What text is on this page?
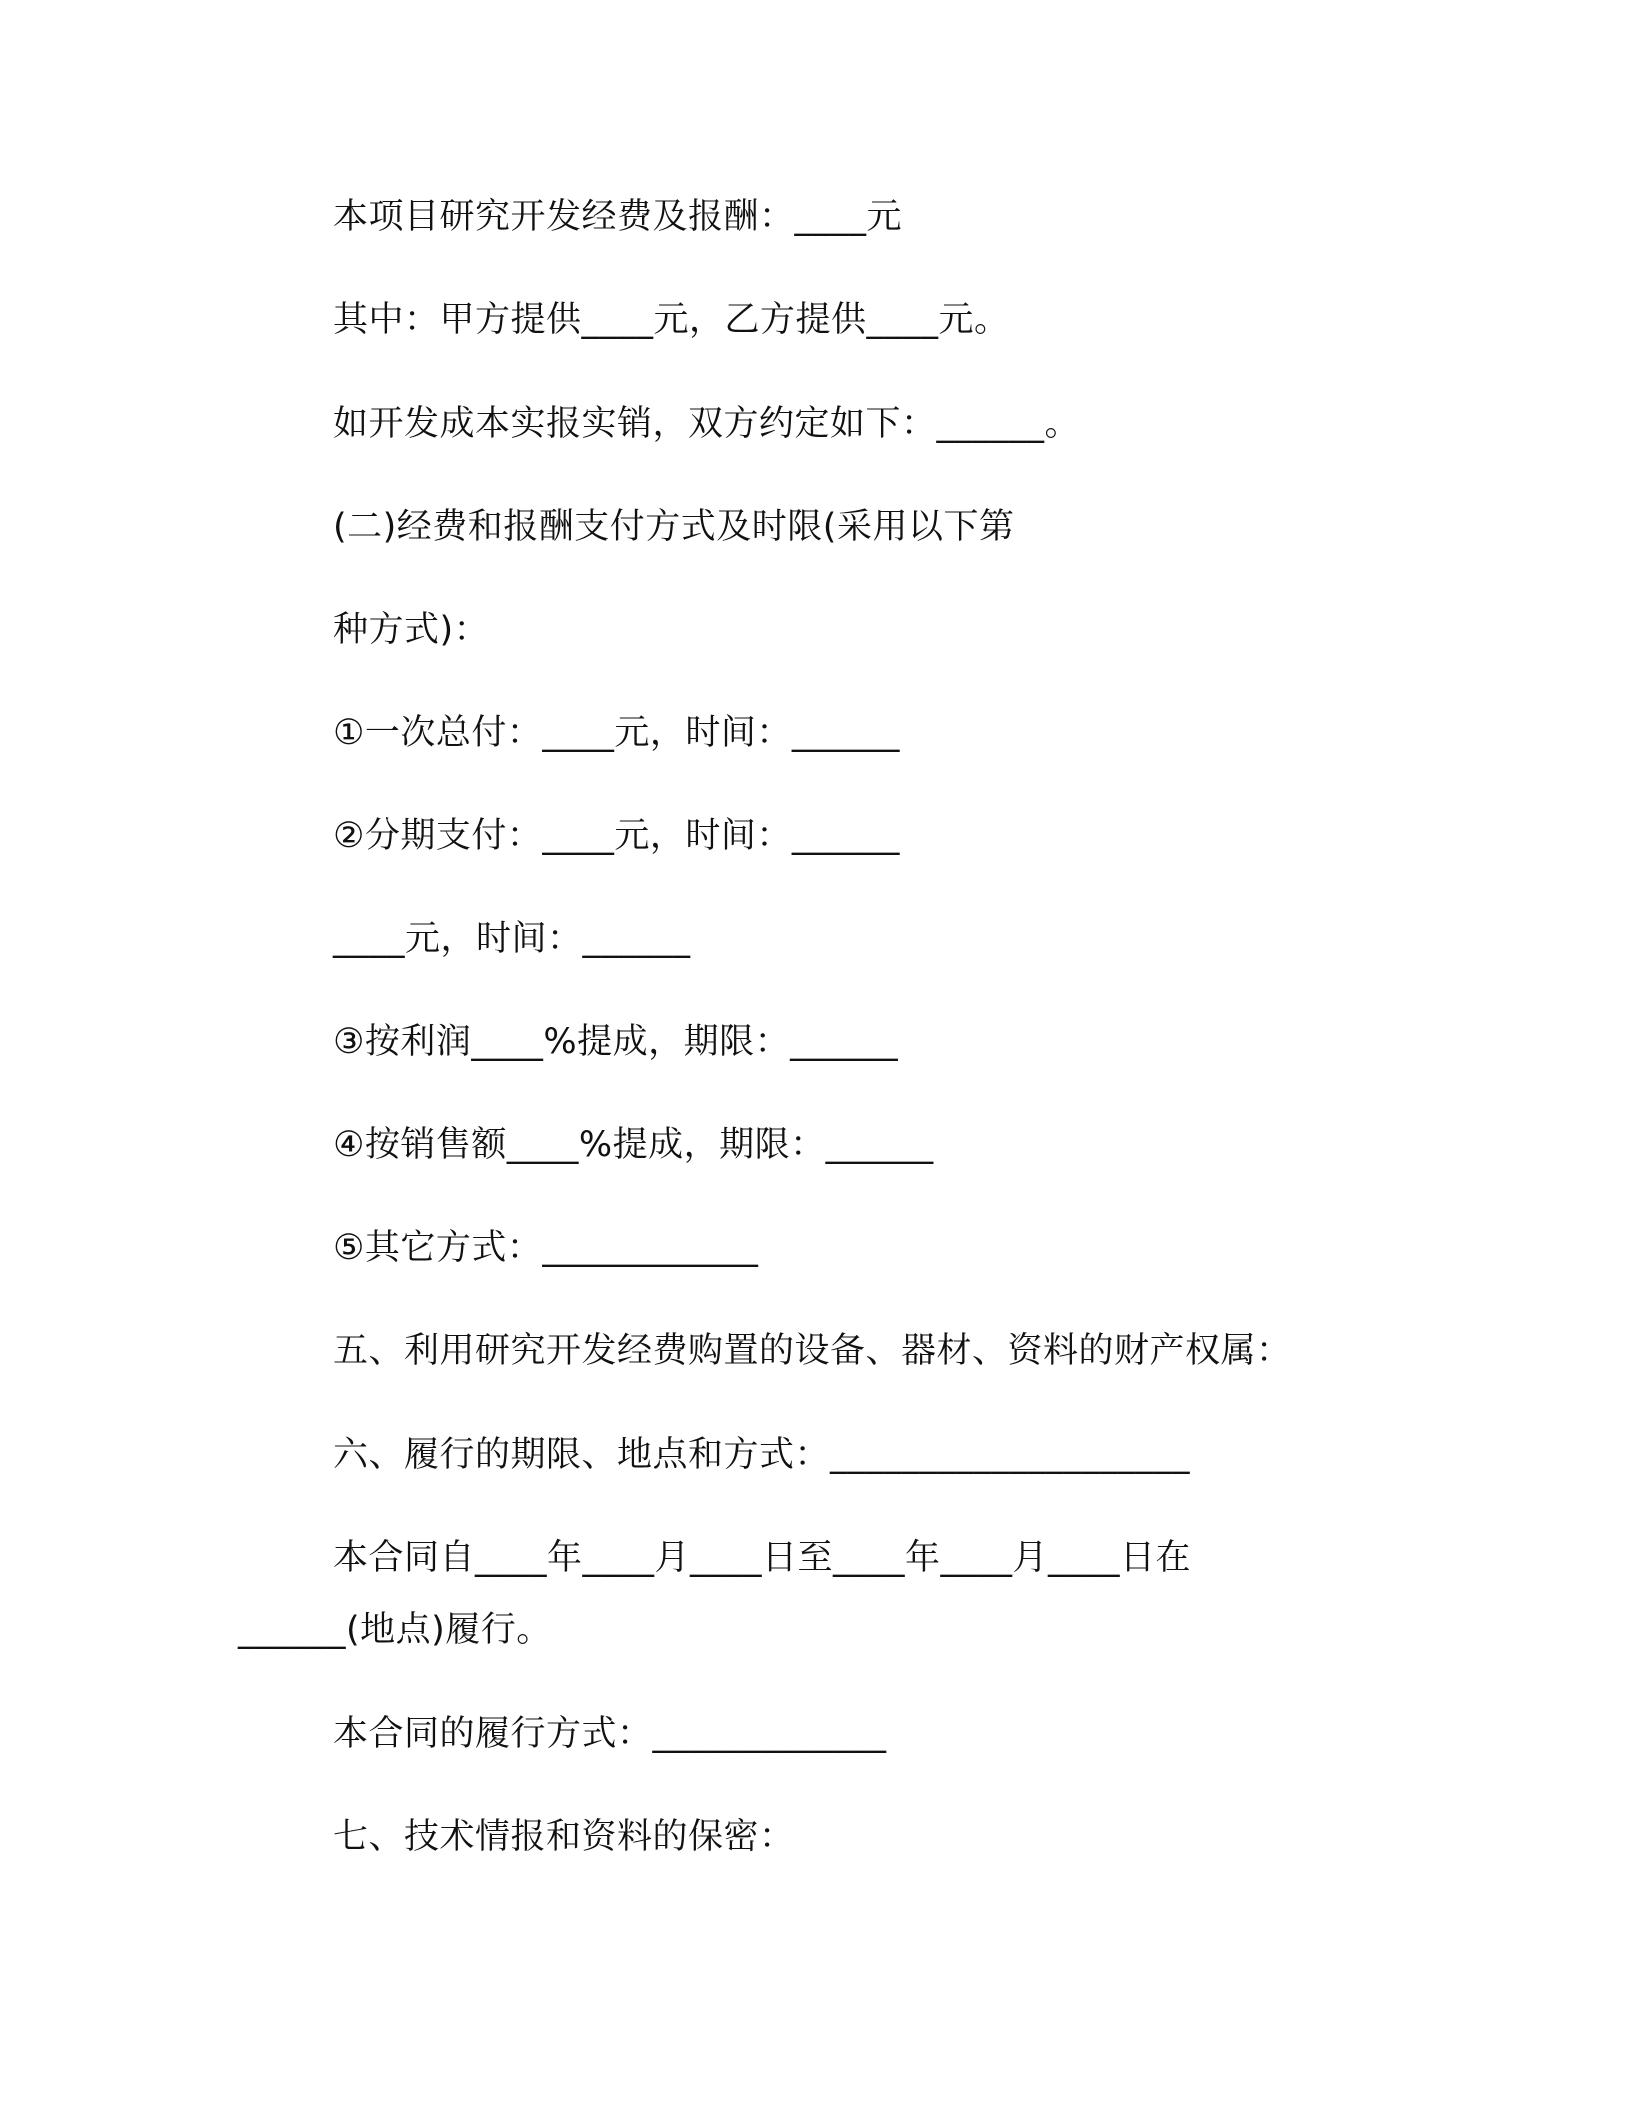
本项目研究开发经费及报酬：____元
其中：甲方提供____元，乙方提供____元。
如开发成本实报实销，双方约定如下：______。
(二)经费和报酬支付方式及时限(采用以下第
种方式)：
①一次总付：____元，时间：______
②分期支付：____元，时间：______
____元，时间：______
③按利润____%提成，期限：______
④按销售额____%提成，期限：______
⑤其它方式：____________
五、利用研究开发经费购置的设备、器材、资料的财产权属：
六、履行的期限、地点和方式：____________________
本合同自____年____月____日至____年____月____日在
______(地点)履行。
本合同的履行方式：_____________
七、技术情报和资料的保密：
